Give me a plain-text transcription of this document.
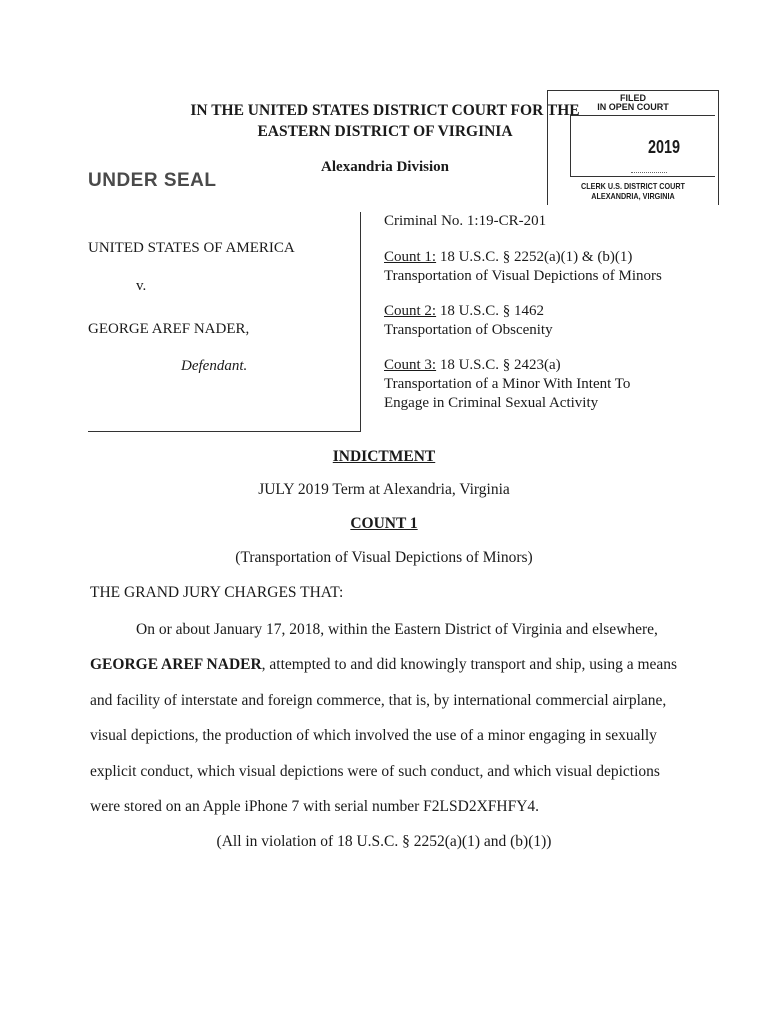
IN THE UNITED STATES DISTRICT COURT FOR THE
EASTERN DISTRICT OF VIRGINIA
Alexandria Division
UNDER SEAL
FILED
IN OPEN COURT
2019
CLERK U.S. DISTRICT COURT
ALEXANDRIA, VIRGINIA
UNITED STATES OF AMERICA
v.
GEORGE AREF NADER,
Defendant.
Criminal No. 1:19-CR-201
Count 1: 18 U.S.C. § 2252(a)(1) & (b)(1)
Transportation of Visual Depictions of Minors
Count 2: 18 U.S.C. § 1462
Transportation of Obscenity
Count 3: 18 U.S.C. § 2423(a)
Transportation of a Minor With Intent To
Engage in Criminal Sexual Activity
INDICTMENT
JULY 2019 Term at Alexandria, Virginia
COUNT 1
(Transportation of Visual Depictions of Minors)
THE GRAND JURY CHARGES THAT:
On or about January 17, 2018, within the Eastern District of Virginia and elsewhere,
GEORGE AREF NADER, attempted to and did knowingly transport and ship, using a means
and facility of interstate and foreign commerce, that is, by international commercial airplane,
visual depictions, the production of which involved the use of a minor engaging in sexually
explicit conduct, which visual depictions were of such conduct, and which visual depictions
were stored on an Apple iPhone 7 with serial number F2LSD2XFHFY4.
(All in violation of 18 U.S.C. § 2252(a)(1) and (b)(1))
